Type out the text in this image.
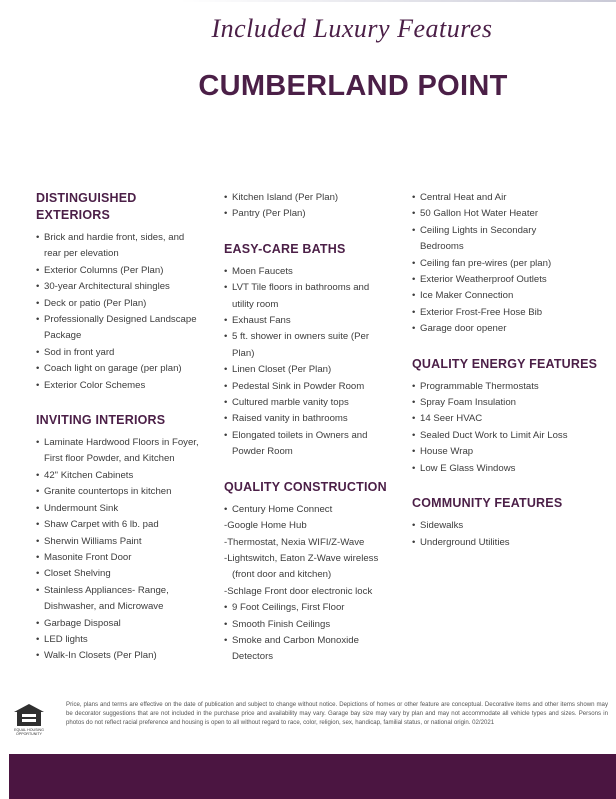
Included Luxury Features
CUMBERLAND POINT
DISTINGUISHED
EXTERIORS
• Brick and hardie front, sides, and
rear per elevation
• Exterior Columns (Per Plan)
• 30-year Architectural shingles
• Deck or patio (Per Plan)
• Professionally Designed Landscape
Package
• Sod in front yard
• Coach light on garage (per plan)
• Exterior Color Schemes
INVITING INTERIORS
• Laminate Hardwood Floors in Foyer,
First floor Powder, and Kitchen
• 42" Kitchen Cabinets
• Granite countertops in kitchen
• Undermount Sink
• Shaw Carpet with 6 lb. pad
• Sherwin Williams Paint
• Masonite Front Door
• Closet Shelving
• Stainless Appliances- Range,
Dishwasher, and Microwave
• Garbage Disposal
• LED lights
• Walk-In Closets (Per Plan)
• Kitchen Island (Per Plan)
• Pantry (Per Plan)
EASY-CARE BATHS
• Moen Faucets
• LVT Tile floors in bathrooms and
utility room
• Exhaust Fans
• 5 ft. shower in owners suite (Per
Plan)
• Linen Closet (Per Plan)
• Pedestal Sink in Powder Room
• Cultured marble vanity tops
• Raised vanity in bathrooms
• Elongated toilets in Owners and
Powder Room
QUALITY CONSTRUCTION
• Century Home Connect
-Google Home Hub
-Thermostat, Nexia WIFI/Z-Wave
-Lightswitch, Eaton Z-Wave wireless
(front door and kitchen)
-Schlage Front door electronic lock
• 9 Foot Ceilings, First Floor
• Smooth Finish Ceilings
• Smoke and Carbon Monoxide
Detectors
• Central Heat and Air
• 50 Gallon Hot Water Heater
• Ceiling Lights in Secondary
Bedrooms
• Ceiling fan pre-wires (per plan)
• Exterior Weatherproof Outlets
• Ice Maker Connection
• Exterior Frost-Free Hose Bib
• Garage door opener
QUALITY ENERGY FEATURES
• Programmable Thermostats
• Spray Foam Insulation
• 14 Seer HVAC
• Sealed Duct Work to Limit Air Loss
• House Wrap
• Low E Glass Windows
COMMUNITY FEATURES
• Sidewalks
• Underground Utilities
EQUAL HOUSING OPPORTUNITY
Price, plans and terms are effective on the date of publication and subject to change without notice. Depictions of homes or other feature are conceptual. Decorative items and other items shown may be decorator suggestions that are not included in the purchase price and availability may vary. Garage bay size may vary by plan and may not accommodate all vehicle types and sizes. Persons in photos do not reflect racial preference and housing is open to all without regard to race, color, religion, sex, handicap, familial status, or national origin. 02/2021
